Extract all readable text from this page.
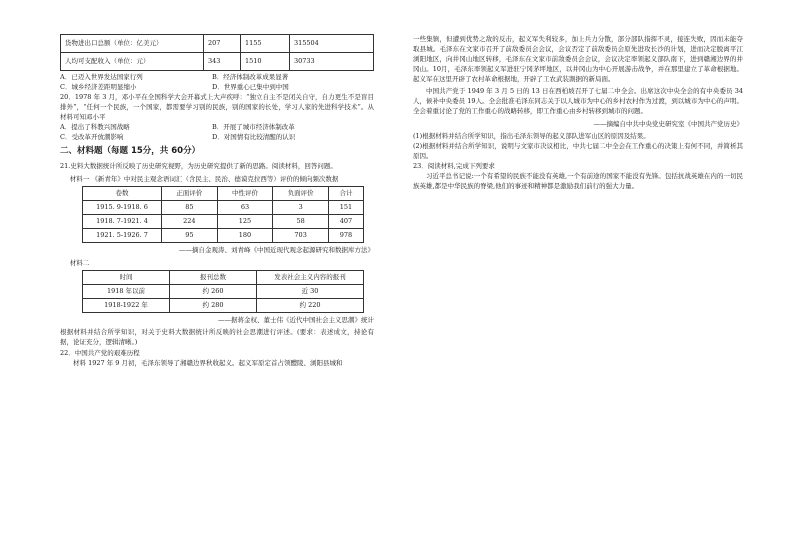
货物进出口总额（单位：亿美元）	207	1155	315504
人均可支配收入（单位：元）	343	1510	30733

A．已迈入世界发达国家行列	B．经济体制改革成果显著

C．城乡经济差距明显缩小	D．世界重心已集中到中国

20．1978 年 3 月，邓小平在全国科学大会开幕式上大声疾呼：“独立自主不是闭关自守，自力更生不是盲目排外”，“任何一个民族，一个国家，都需要学习别的民族，别的国家的长处，学习人家的先进科学技术”。从材料可知邓小平

A．提出了科教兴国战略	B．开展了城市经济体制改革

C．受改革开放潮影响	D．对国情有比较清醒的认识

二、材料题（每题 15分，共 60分）

21.史料大数据统计所反映了历史研究视野，为历史研究提供了新的思路。阅读材料，回答问题。

材料一 《新青年》中对民主观念语词汇（含民主、民治、德谟克拉西等）评价的倾向频次数据

卷数	正面评价	中性评价	负面评价	合计
1915. 9-1918. 6	85	63	3	151
1918. 7-1921. 4	224	125	58	407
1921. 5-1926. 7	95	180	703	978

——摘自金观涛、刘青峰《中国近现代观念起源研究和数据库方法》

材料二

时间	报刊总数	发表社会主义内容的报刊
1918 年以前	约 260	近 30
1918-1922 年	约 280	约 220

——据蒋金权、董士伟《近代中国社会主义思潮》统计

根据材料并结合所学知识，对关于史料大数据统计所反映的社会思潮进行评述。(要求：表述成文，持论有据，论证充分，逻辑清晰。)

22．中国共产党的艰难历程

材料 1927 年 9 月初，毛泽东领导了湘赣边界秋收起义。起义军原定首占领醴陵、浏阳县城和

一些集镇，但遭到优势之敌的反击，起义军失利较多，加上兵力分散，部分部队指挥不灵，接连失败，因而未能夺取县城。毛泽东在文家市召开了前敌委员会会议，会议否定了前敌委员会原先进攻长沙的计划，进而决定脱离平江浏阳地区，向井冈山地区转移，毛泽东在文家市前敌委员会会议，会议决定率领起义部队南下，进到赣湘边界的井冈山。10月，毛泽东率领起义军进驻宁冈茅坪地区，以井冈山为中心开展游击战争，并在那里建立了革命根据地。起义军在这里开辟了农村革命根据地，开辟了工农武装割据的新局面。

中国共产党于 1949 年 3 月 5 日的 13 日在西柏坡召开了七届二中全会。出席这次中央全会的有中央委员 34人，候补中央委员 19人。全会批准毛泽东同志关于以人城市为中心的乡村农村作为过渡，到以城市为中心的声明。全会着重讨论了党的工作重心的战略转移，即工作重心由乡村转移到城市的问题。

——摘编自中共中央党史研究室《中国共产党历史》

(1)根据材料并结合所学知识，指出毛泽东领导的起义部队进军山区的原因及结果。

(2)根据材料并结合所学知识，说明与文家市决议相比，中共七届二中全会在工作重心的决策上有何不同，并简析其原因。

23．阅读材料,完成下列要求

习近平总书记说:一个有希望的民族不能没有英雄,一个有前途的国家不能没有先锋。包括抗战英雄在内的一切民族英雄,都是中华民族的脊梁,他们的事迹和精神都是激励我们前行的强大力量。
